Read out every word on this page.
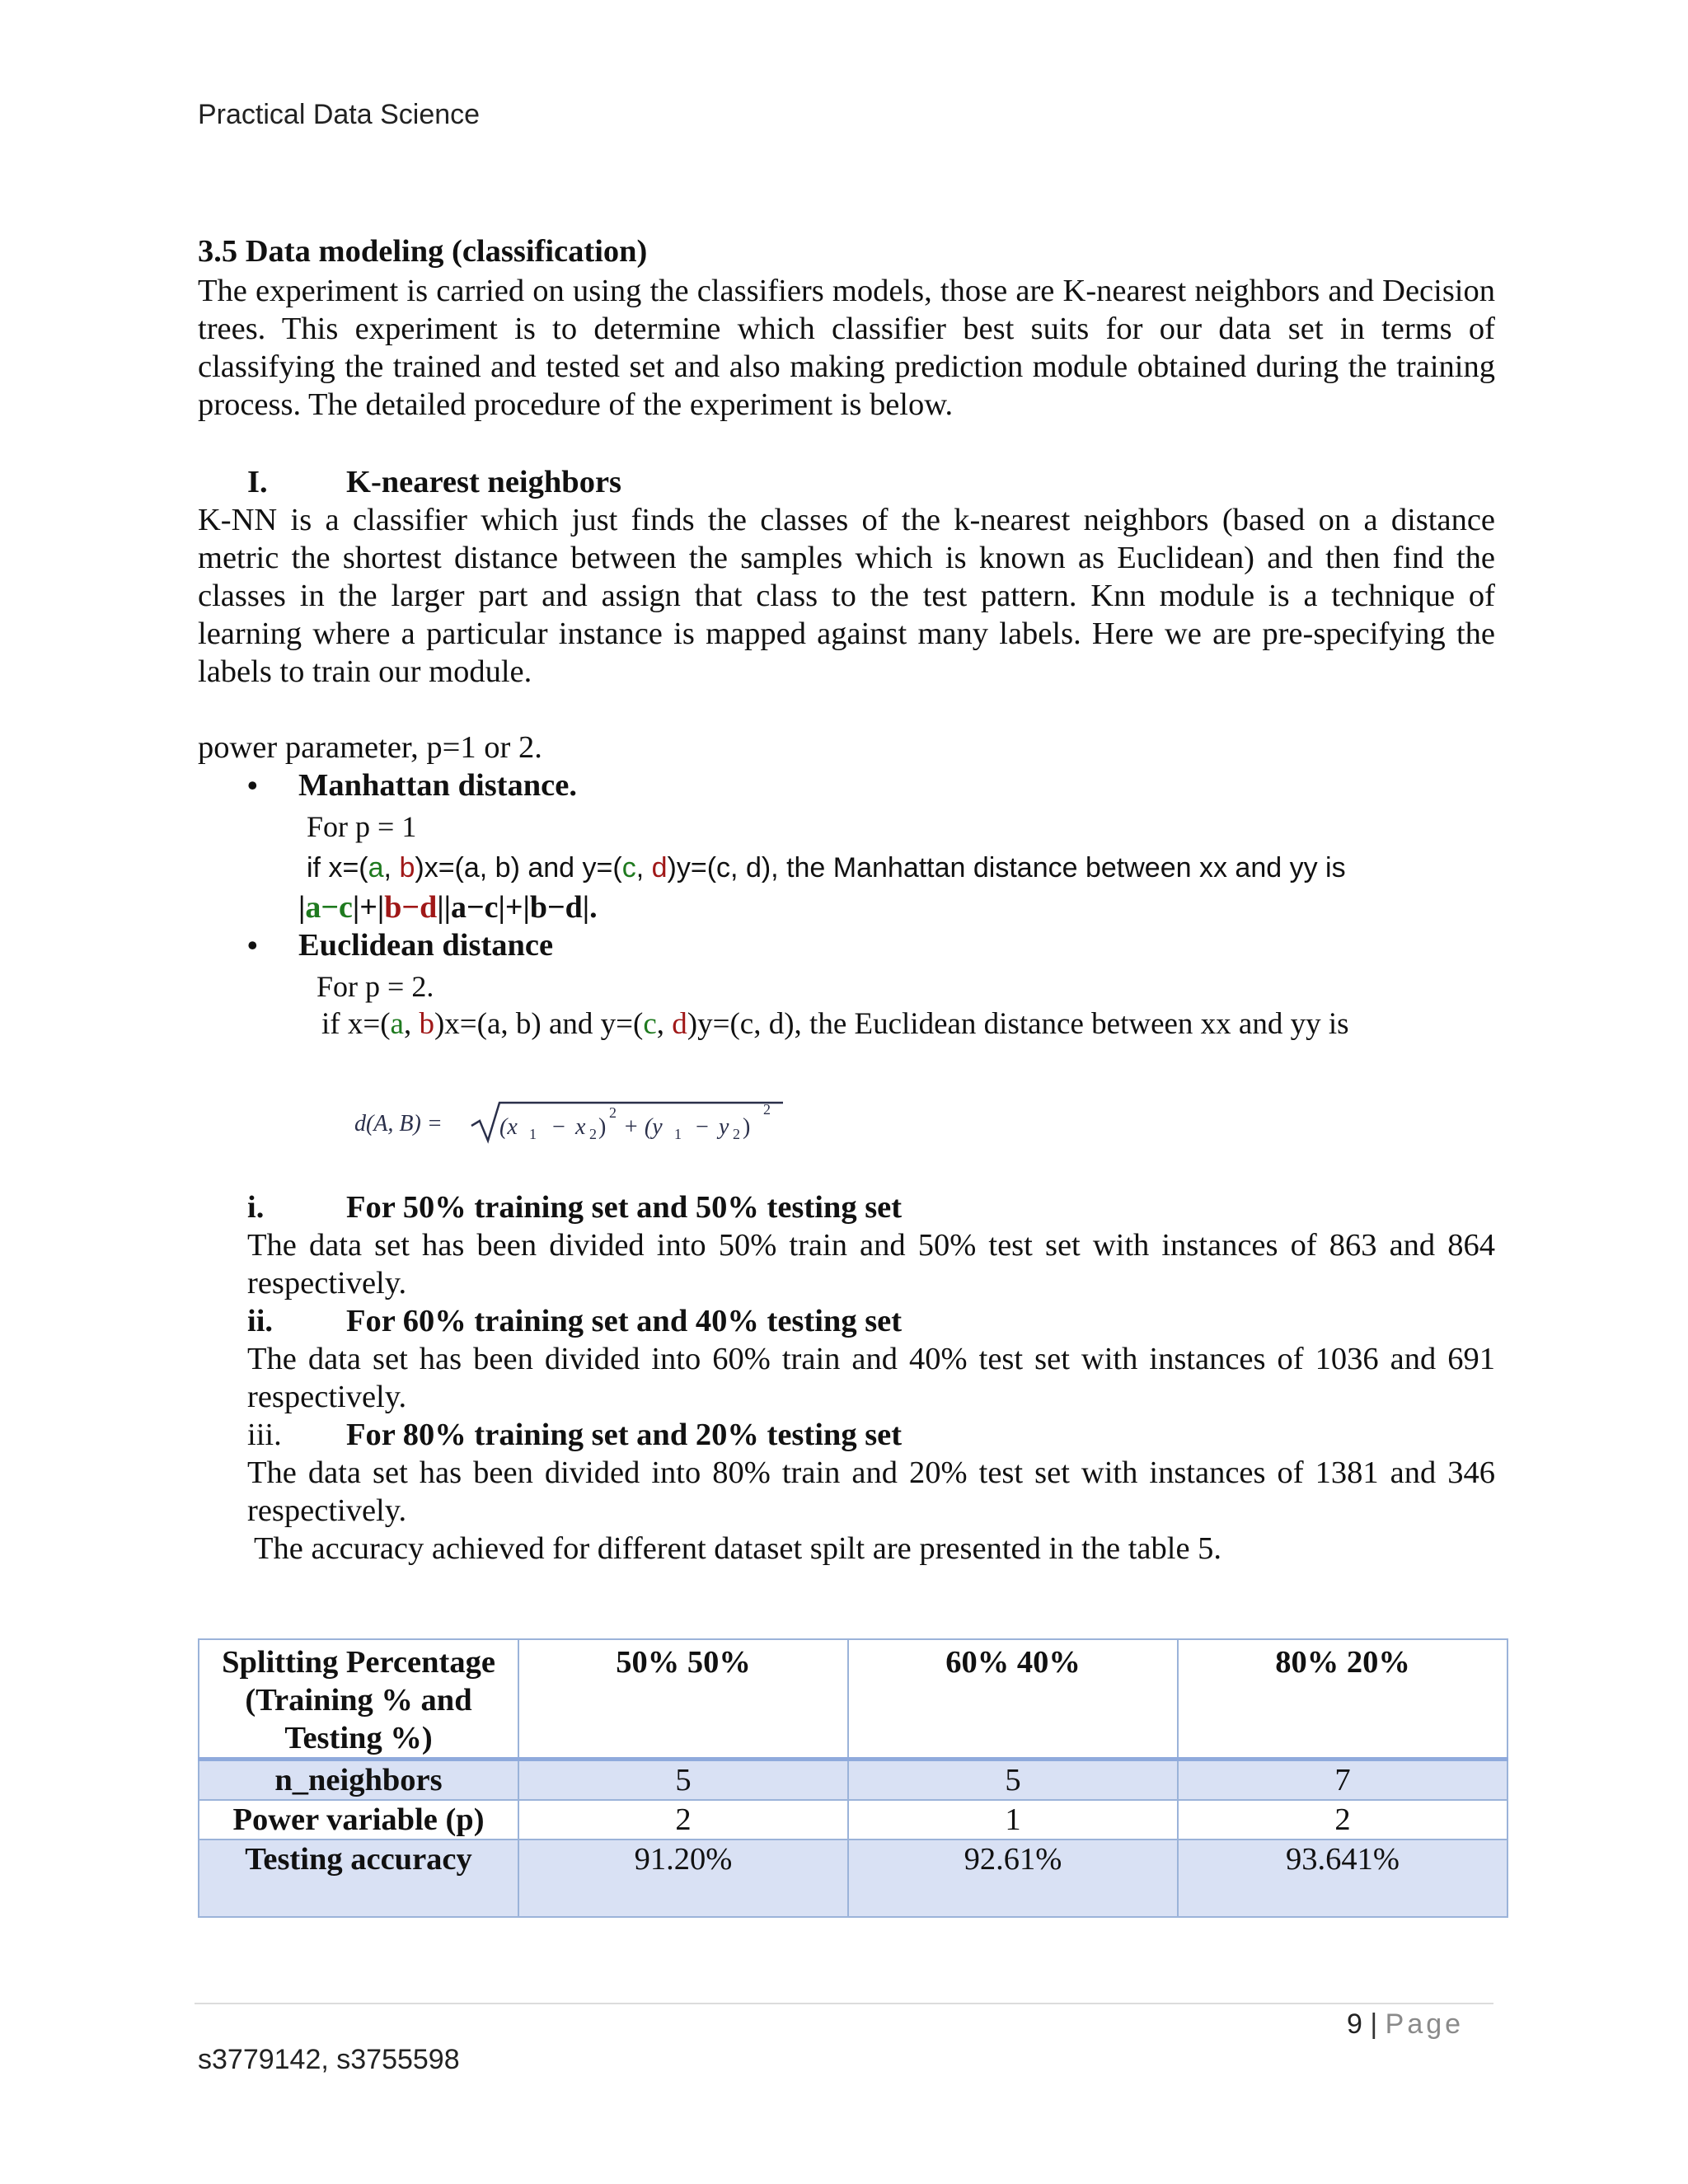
Practical Data Science
3.5 Data modeling (classification)
The experiment is carried on using the classifiers models, those are K-nearest neighbors and Decision trees. This experiment is to determine which classifier best suits for our data set in terms of classifying the trained and tested set and also making prediction module obtained during the training process. The detailed procedure of the experiment is below.
I. K-nearest neighbors
K-NN is a classifier which just finds the classes of the k-nearest neighbors (based on a distance metric the shortest distance between the samples which is known as Euclidean) and then find the classes in the larger part and assign that class to the test pattern. Knn module is a technique of learning where a particular instance is mapped against many labels. Here we are pre-specifying the labels to train our module.
power parameter, p=1 or 2.
• Manhattan distance.
For p = 1
if x=(a, b)x=(a, b) and y=(c, d)y=(c, d), the Manhattan distance between xx and yy is
|a−c|+|b−d||a−c|+|b−d|.
• Euclidean distance
For p = 2.
if x=(a, b)x=(a, b) and y=(c, d)y=(c, d), the Euclidean distance between xx and yy is
d(A, B) = (x 1 − x 2 )
2
+ (y 1 − y 2 )
2
i.	For 50% training set and 50% testing set
The data set has been divided into 50% train and 50% test set with instances of 863 and 864 respectively.
ii. For 60% training set and 40% testing set
The data set has been divided into 60% train and 40% test set with instances of 1036 and 691 respectively.
iii. For 80% training set and 20% testing set
The data set has been divided into 80% train and 20% test set with instances of 1381 and 346 respectively.
The accuracy achieved for different dataset spilt are presented in the table 5.
Splitting Percentage (Training % and Testing %)	50% 50%	60% 40%	80% 20%
n_neighbors	5	5	7
Power variable (p)	2	1	2
Testing accuracy	91.20%	92.61%	93.641%
9 | Page
s3779142, s3755598
